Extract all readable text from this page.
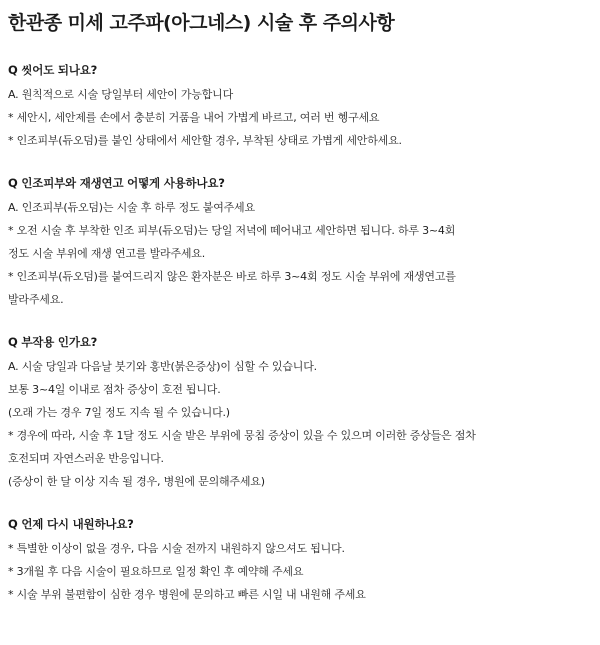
한관종 미세 고주파(아그네스) 시술 후 주의사항
Q 씻어도 되나요?
A. 원칙적으로 시술 당일부터 세안이 가능합니다
* 세안시, 세안제를 손에서 충분히 거품을 내어 가볍게 바르고, 여러 번 헹구세요
* 인조피부(듀오덤)를 붙인 상태에서 세안할 경우, 부착된 상태로 가볍게 세안하세요.
Q 인조피부와 재생연고 어떻게 사용하나요?
A. 인조피부(듀오덤)는 시술 후 하루 정도 붙여주세요
* 오전 시술 후 부착한 인조 피부(듀오덤)는 당일 저녁에 떼어내고 세안하면 됩니다. 하루 3~4회
정도 시술 부위에 재생 연고를 발라주세요.
* 인조피부(듀오덤)를 붙여드리지 않은 환자분은 바로 하루 3~4회 정도 시술 부위에 재생연고를
발라주세요.
Q 부작용 인가요?
A. 시술 당일과 다음날 붓기와 홍반(붉은증상)이 심할 수 있습니다.
보통 3~4일 이내로 점차 증상이 호전 됩니다.
(오래 가는 경우 7일 정도 지속 될 수 있습니다.)
* 경우에 따라, 시술 후 1달 정도 시술 받은 부위에 뭉침 증상이 있을 수 있으며 이러한 증상들은 점차
호전되며 자연스러운 반응입니다.
(증상이 한 달 이상 지속 될 경우, 병원에 문의해주세요)
Q 언제 다시 내원하나요?
* 특별한 이상이 없을 경우, 다음 시술 전까지 내원하지 않으셔도 됩니다.
* 3개월 후 다음 시술이 필요하므로 일정 확인 후 예약해 주세요
* 시술 부위 불편함이 심한 경우 병원에 문의하고 빠른 시일 내 내원해 주세요
